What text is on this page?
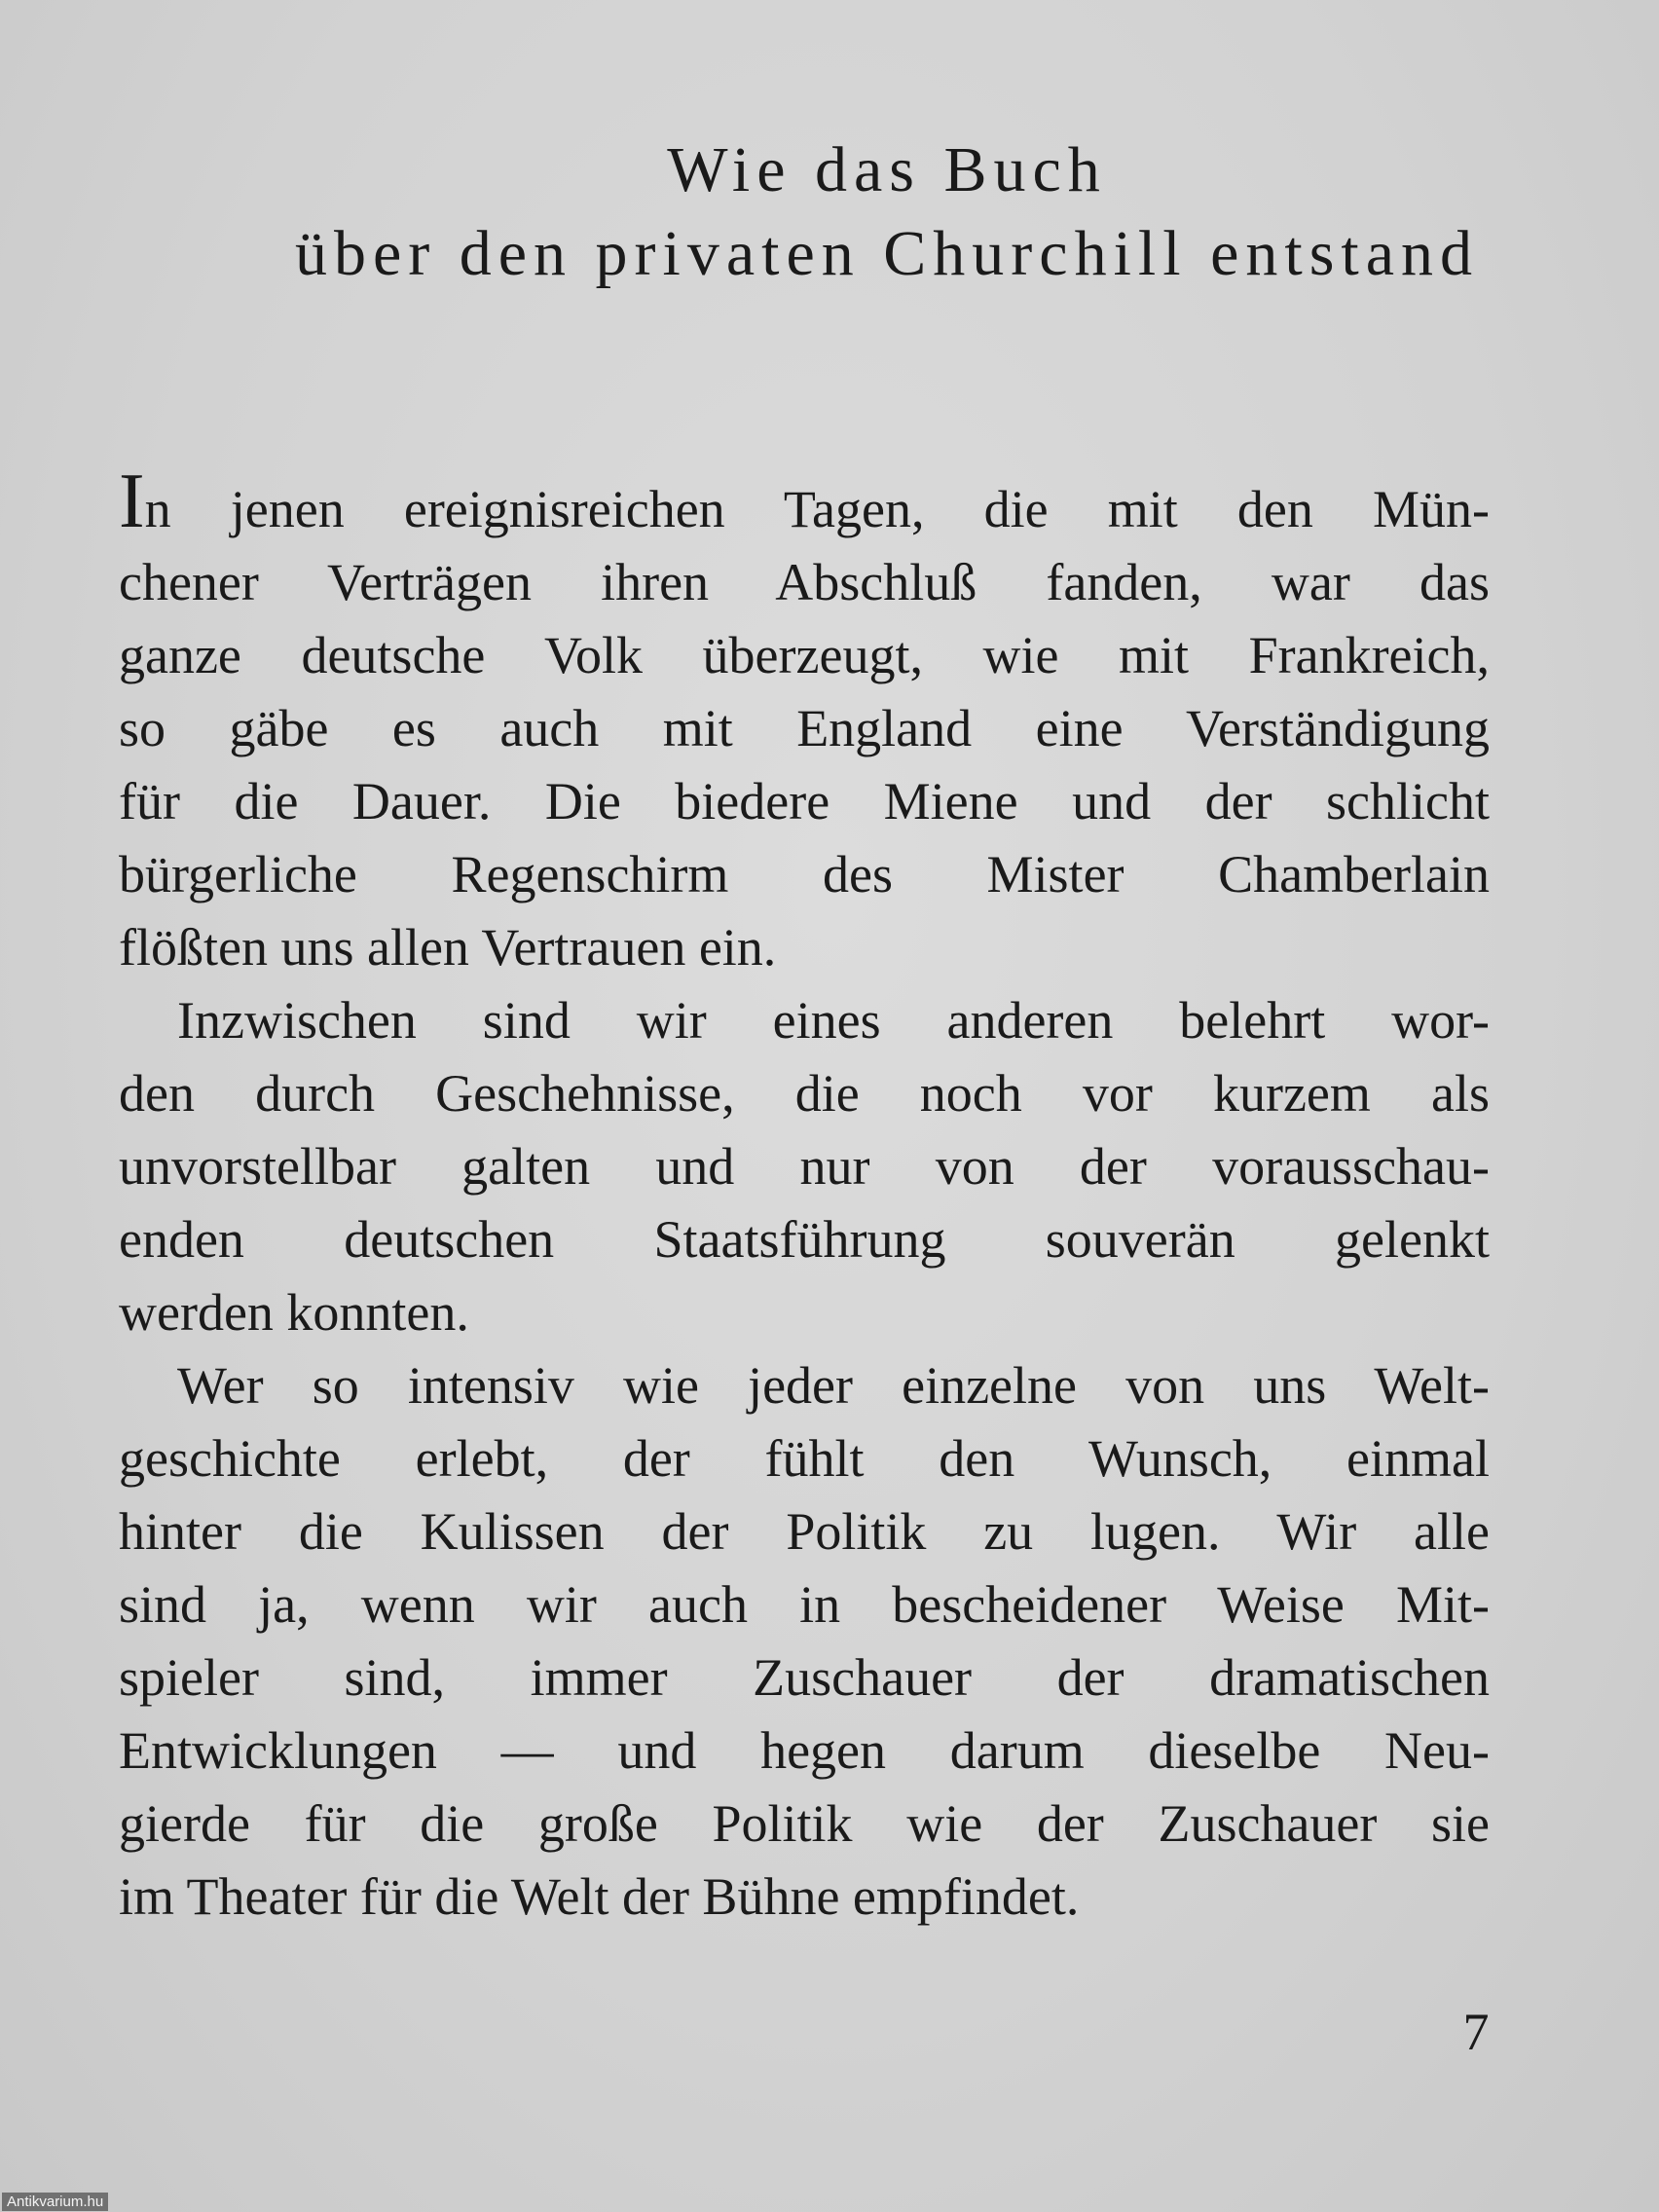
Wie das Buch
über den privaten Churchill entstand

In jenen ereignisreichen Tagen, die mit den Mün-
chener Verträgen ihren Abschluß fanden, war das
ganze deutsche Volk überzeugt, wie mit Frankreich,
so gäbe es auch mit England eine Verständigung
für die Dauer. Die biedere Miene und der schlicht
bürgerliche Regenschirm des Mister Chamberlain
flößten uns allen Vertrauen ein.

Inzwischen sind wir eines anderen belehrt wor-
den durch Geschehnisse, die noch vor kurzem als
unvorstellbar galten und nur von der vorausschau-
enden deutschen Staatsführung souverän gelenkt
werden konnten.

Wer so intensiv wie jeder einzelne von uns Welt-
geschichte erlebt, der fühlt den Wunsch, einmal
hinter die Kulissen der Politik zu lugen. Wir alle
sind ja, wenn wir auch in bescheidener Weise Mit-
spieler sind, immer Zuschauer der dramatischen
Entwicklungen — und hegen darum dieselbe Neu-
gierde für die große Politik wie der Zuschauer sie
im Theater für die Welt der Bühne empfindet.

7
Antikvarium.hu
